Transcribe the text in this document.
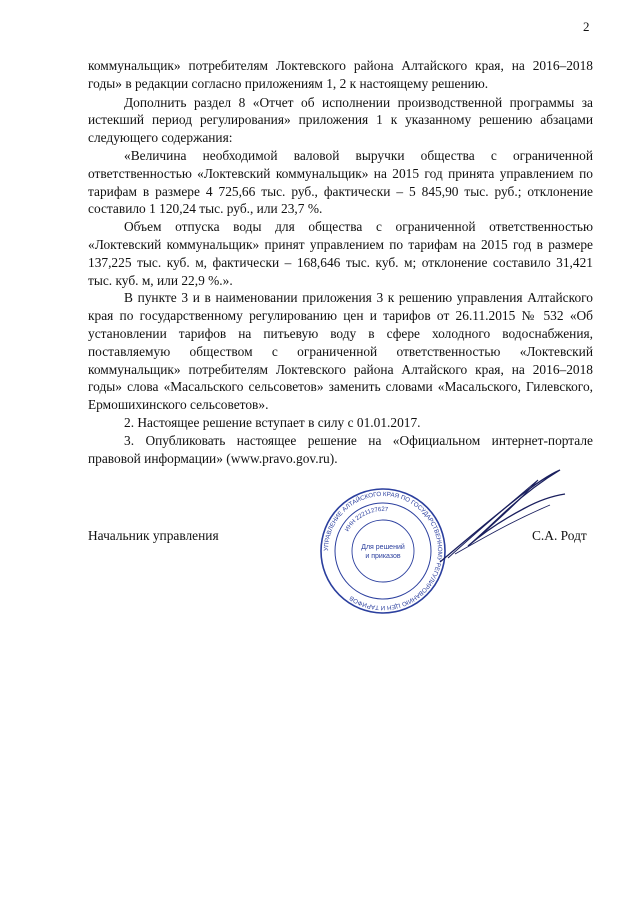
2

коммунальщик» потребителям Локтевского района Алтайского края, на 2016–2018 годы» в редакции согласно приложениям 1, 2 к настоящему решению.

Дополнить раздел 8 «Отчет об исполнении производственной программы за истекший период регулирования» приложения 1 к указанному решению абзацами следующего содержания:

«Величина необходимой валовой выручки общества с ограниченной ответственностью «Локтевский коммунальщик» на 2015 год принята управлением по тарифам в размере 4 725,66 тыс. руб., фактически – 5 845,90 тыс. руб.; отклонение составило 1 120,24 тыс. руб., или 23,7 %.

Объем отпуска воды для общества с ограниченной ответственностью «Локтевский коммунальщик» принят управлением по тарифам на 2015 год в размере 137,225 тыс. куб. м, фактически – 168,646 тыс. куб. м; отклонение составило 31,421 тыс. куб. м, или 22,9 %.».

В пункте 3 и в наименовании приложения 3 к решению управления Алтайского края по государственному регулированию цен и тарифов от 26.11.2015 № 532 «Об установлении тарифов на питьевую воду в сфере холодного водоснабжения, поставляемую обществом с ограниченной ответственностью «Локтевский коммунальщик» потребителям Локтевского района Алтайского края, на 2016–2018 годы» слова «Масальского сельсоветов» заменить словами «Масальского, Гилевского, Ермошихинского сельсоветов».

2. Настоящее решение вступает в силу с 01.01.2017.

3. Опубликовать настоящее решение на «Официальном интернет-портале правовой информации» (www.pravo.gov.ru).

Начальник управления	С.А. Родт
УПРАВЛЕНИЕ АЛТАЙСКОГО КРАЯ ПО ГОСУДАРСТВЕННОМУ РЕГУЛИРОВАНИЮ ЦЕН И ТАРИФОВ
ИНН 2221127627
Для решений
и приказов
